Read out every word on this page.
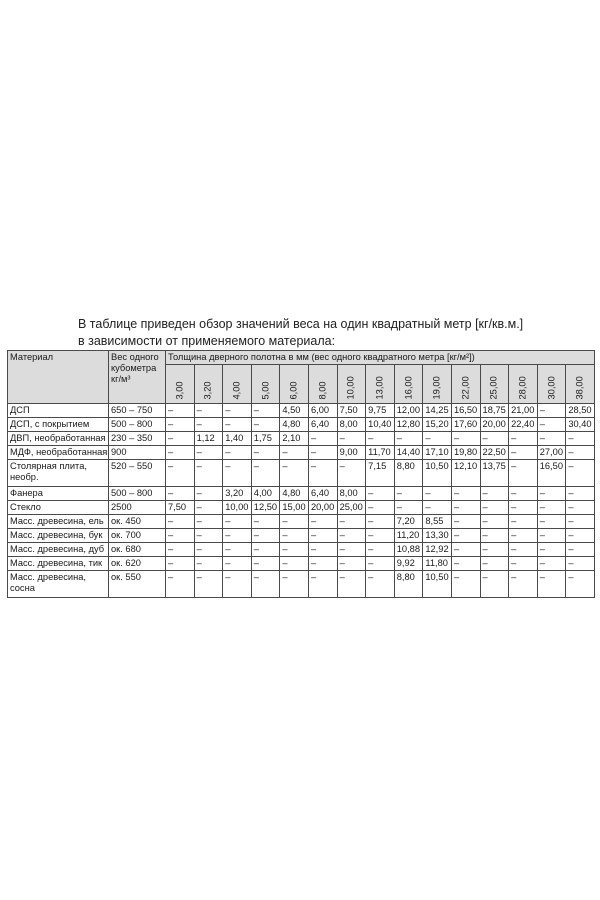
В таблице приведен обзор значений веса на один квадратный метр [кг/кв.м.]
в зависимости от применяемого материала:
Материал	Вес одного кубометра кг/м³	Толщина дверного полотна в мм (вес одного квадратного метра [кг/м²])														

		3,00	3,20	4,00	5,00	6,00	8,00	10,00	13,00	16,00	19,00	22,00	25,00	28,00	30,00	38,00

ДСП	650 – 750	–	–	–	–	4,50	6,00	7,50	9,75	12,00	14,25	16,50	18,75	21,00	–	28,50
ДСП, с покрытием	500 – 800	–	–	–	–	4,80	6,40	8,00	10,40	12,80	15,20	17,60	20,00	22,40	–	30,40
ДВП, необработанная	230 – 350	–	1,12	1,40	1,75	2,10	–	–	–	–	–	–	–	–	–	–
МДФ, необработанная	900	–	–	–	–	–	–	9,00	11,70	14,40	17,10	19,80	22,50	–	27,00	–
Столярная плита, необр.	520 – 550	–	–	–	–	–	–	–	7,15	8,80	10,50	12,10	13,75	–	16,50	–
Фанера	500 – 800	–	–	3,20	4,00	4,80	6,40	8,00	–	–	–	–	–	–	–	–
Стекло	2500	7,50	–	10,00	12,50	15,00	20,00	25,00	–	–	–	–	–	–	–	–
Масс. древесина, ель	ок. 450	–	–	–	–	–	–	–	–	7,20	8,55	–	–	–	–	–
Масс. древесина, бук	ок. 700	–	–	–	–	–	–	–	–	11,20	13,30	–	–	–	–	–
Масс. древесина, дуб	ок. 680	–	–	–	–	–	–	–	–	10,88	12,92	–	–	–	–	–
Масс. древесина, тик	ок. 620	–	–	–	–	–	–	–	–	9,92	11,80	–	–	–	–	–
Масс. древесина, сосна	ок. 550	–	–	–	–	–	–	–	–	8,80	10,50	–	–	–	–	–
